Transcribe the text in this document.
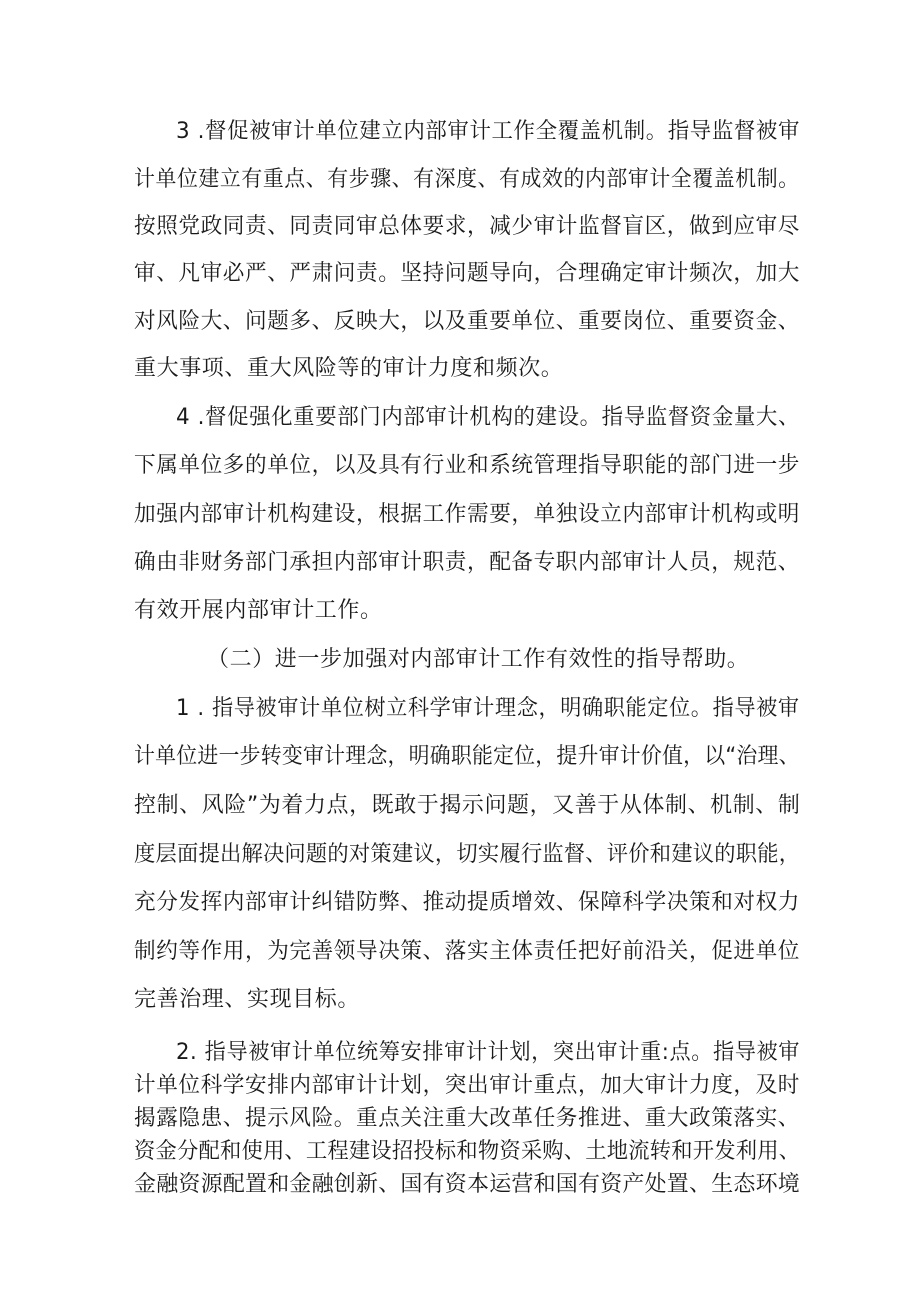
3 .督促被审计单位建立内部审计工作全覆盖机制。指导监督被审
计单位建立有重点、有步骤、有深度、有成效的内部审计全覆盖机制。
按照党政同责、同责同审总体要求，减少审计监督盲区，做到应审尽
审、凡审必严、严肃问责。坚持问题导向，合理确定审计频次，加大
对风险大、问题多、反映大，以及重要单位、重要岗位、重要资金、
重大事项、重大风险等的审计力度和频次。
4 .督促强化重要部门内部审计机构的建设。指导监督资金量大、
下属单位多的单位，以及具有行业和系统管理指导职能的部门进一步
加强内部审计机构建设，根据工作需要，单独设立内部审计机构或明
确由非财务部门承担内部审计职责，配备专职内部审计人员，规范、
有效开展内部审计工作。
（二）进一步加强对内部审计工作有效性的指导帮助。
1 . 指导被审计单位树立科学审计理念，明确职能定位。指导被审
计单位进一步转变审计理念，明确职能定位，提升审计价值，以“治理、
控制、风险”为着力点，既敢于揭示问题，又善于从体制、机制、制
度层面提出解决问题的对策建议，切实履行监督、评价和建议的职能，
充分发挥内部审计纠错防弊、推动提质增效、保障科学决策和对权力
制约等作用，为完善领导决策、落实主体责任把好前沿关，促进单位
完善治理、实现目标。
2. 指导被审计单位统筹安排审计计划，突出审计重:点。指导被审
计单位科学安排内部审计计划，突出审计重点，加大审计力度，及时
揭露隐患、提示风险。重点关注重大改革任务推进、重大政策落实、
资金分配和使用、工程建设招投标和物资采购、土地流转和开发利用、
金融资源配置和金融创新、国有资本运营和国有资产处置、生态环境
